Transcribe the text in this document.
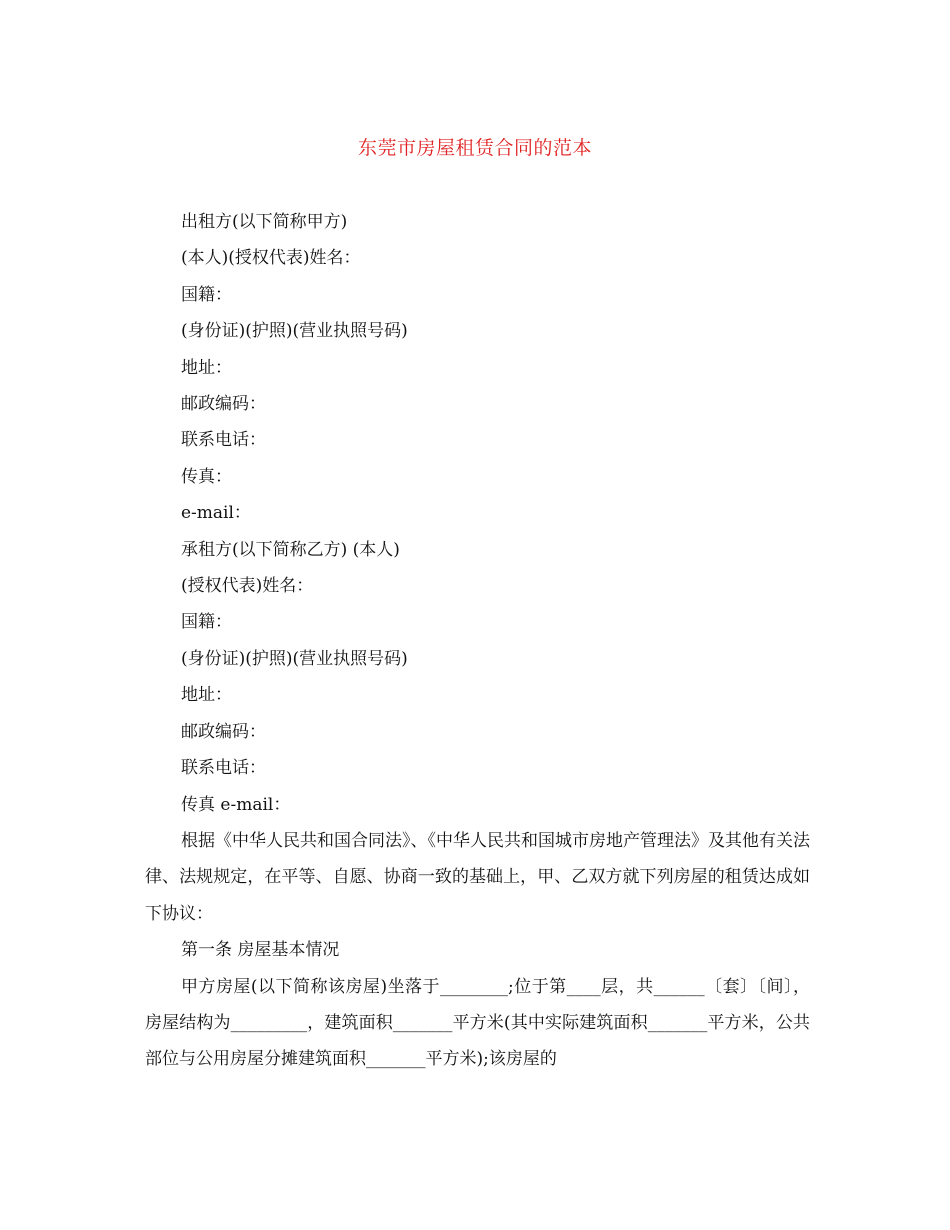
东莞市房屋租赁合同的范本

出租方(以下简称甲方)

(本人)(授权代表)姓名：

国籍：

(身份证)(护照)(营业执照号码)

地址：

邮政编码：

联系电话：

传真：

e-mail：

承租方(以下简称乙方) (本人)

(授权代表)姓名：

国籍：

(身份证)(护照)(营业执照号码)

地址：

邮政编码：

联系电话：

传真 e-mail：

根据《中华人民共和国合同法》、《中华人民共和国城市房地产管理法》及其他有关法律、法规规定，在平等、自愿、协商一致的基础上，甲、乙双方就下列房屋的租赁达成如下协议：

第一条 房屋基本情况

甲方房屋(以下简称该房屋)坐落于________;位于第____层，共______〔套〕〔间〕，房屋结构为_________，建筑面积_______平方米(其中实际建筑面积_______平方米，公共部位与公用房屋分摊建筑面积_______平方米);该房屋的
